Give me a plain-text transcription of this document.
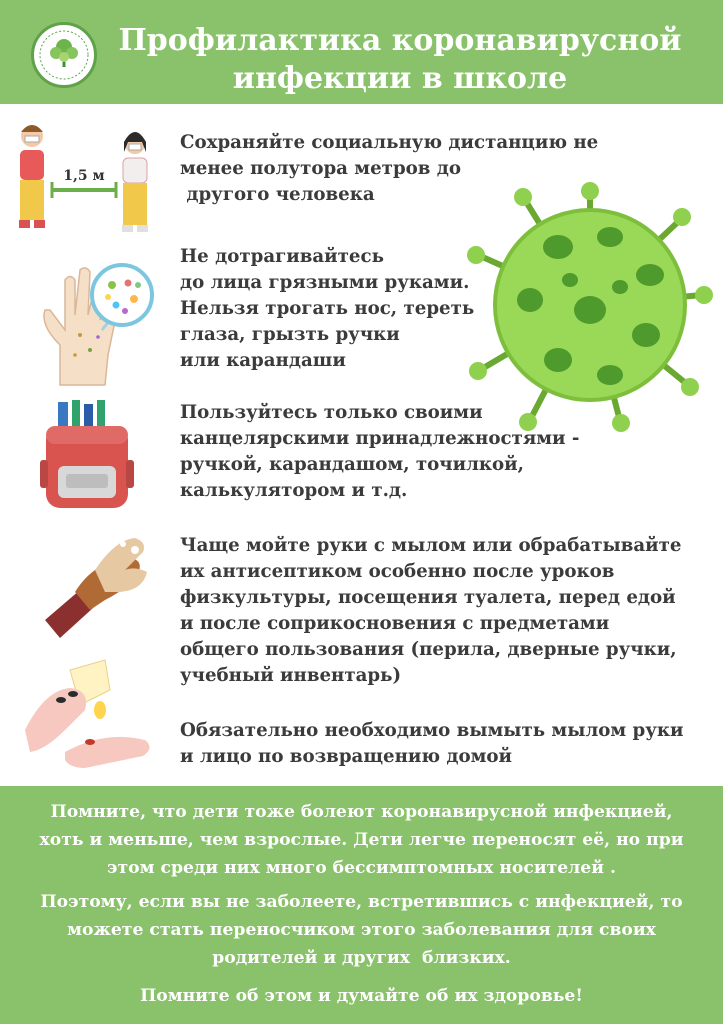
Профилактика коронавирусной
инфекции в школе
1,5 м
Сохраняйте социальную дистанцию не
менее полутора метров до
другого человека
Не дотрагивайтесь
до лица грязными руками.
Нельзя трогать нос, тереть
глаза, грызть ручки
или карандаши
Пользуйтесь только своими
канцелярскими принадлежностями -
ручкой, карандашом, точилкой,
калькулятором и т.д.
Чаще мойте руки с мылом или обрабатывайте
их антисептиком особенно после уроков
физкультуры, посещения туалета, перед едой
и после соприкосновения с предметами
общего пользования (перила, дверные ручки,
учебный инвентарь)
Обязательно необходимо вымыть мылом руки
и лицо по возвращению домой
Помните, что дети тоже болеют коронавирусной инфекцией,
хоть и меньше, чем взрослые. Дети легче переносят её, но при
этом среди них много бессимптомных носителей .
Поэтому, если вы не заболеете, встретившись с инфекцией, то
можете стать переносчиком этого заболевания для своих
родителей и других  близких.
Помните об этом и думайте об их здоровье!
